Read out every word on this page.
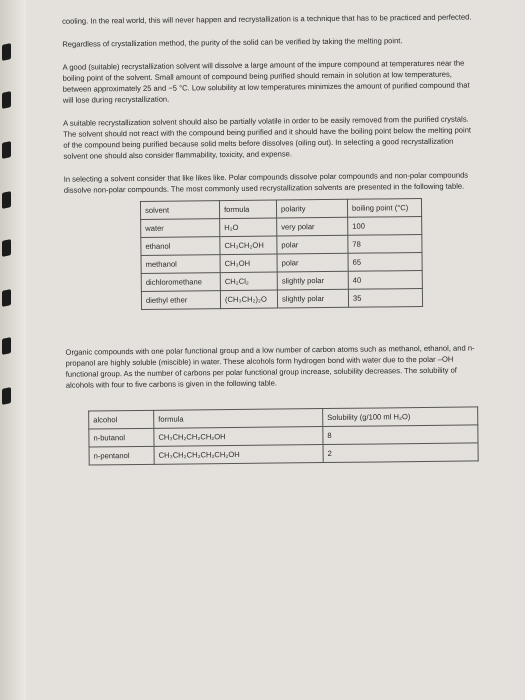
cooling. In the real world, this will never happen and recrystallization is a technique that has to be practiced and perfected.

Regardless of crystallization method, the purity of the solid can be verified by taking the melting point.

A good (suitable) recrystallization solvent will dissolve a large amount of the impure compound at temperatures near the boiling point of the solvent. Small amount of compound being purified should remain in solution at low temperatures, between approximately 25 and −5 °C. Low solubility at low temperatures minimizes the amount of purified compound that will lose during recrystallization.

A suitable recrystallization solvent should also be partially volatile in order to be easily removed from the purified crystals. The solvent should not react with the compound being purified and it should have the boiling point below the melting point of the compound being purified because solid melts before dissolves (oiling out). In selecting a good recrystallization solvent one should also consider flammability, toxicity, and expense.

In selecting a solvent consider that like likes like. Polar compounds dissolve polar compounds and non-polar compounds dissolve non-polar compounds. The most commonly used recrystallization solvents are presented in the following table.

solvent	formula	polarity	boiling point (°C)
water	H₂O	very polar	100
ethanol	CH₃CH₂OH	polar	78
methanol	CH₃OH	polar	65
dichloromethane	CH₂Cl₂	slightly polar	40
diethyl ether	(CH₃CH₂)₂O	slightly polar	35

Organic compounds with one polar functional group and a low number of carbon atoms such as methanol, ethanol, and n-propanol are highly soluble (miscible) in water. These alcohols form hydrogen bond with water due to the polar –OH functional group. As the number of carbons per polar functional group increase, solubility decreases. The solubility of alcohols with four to five carbons is given in the following table.

alcohol	formula	Solubility (g/100 ml H₂O)
n-butanol	CH₃CH₂CH₂CH₂OH	8
n-pentanol	CH₃CH₂CH₂CH₂CH₂OH	2
